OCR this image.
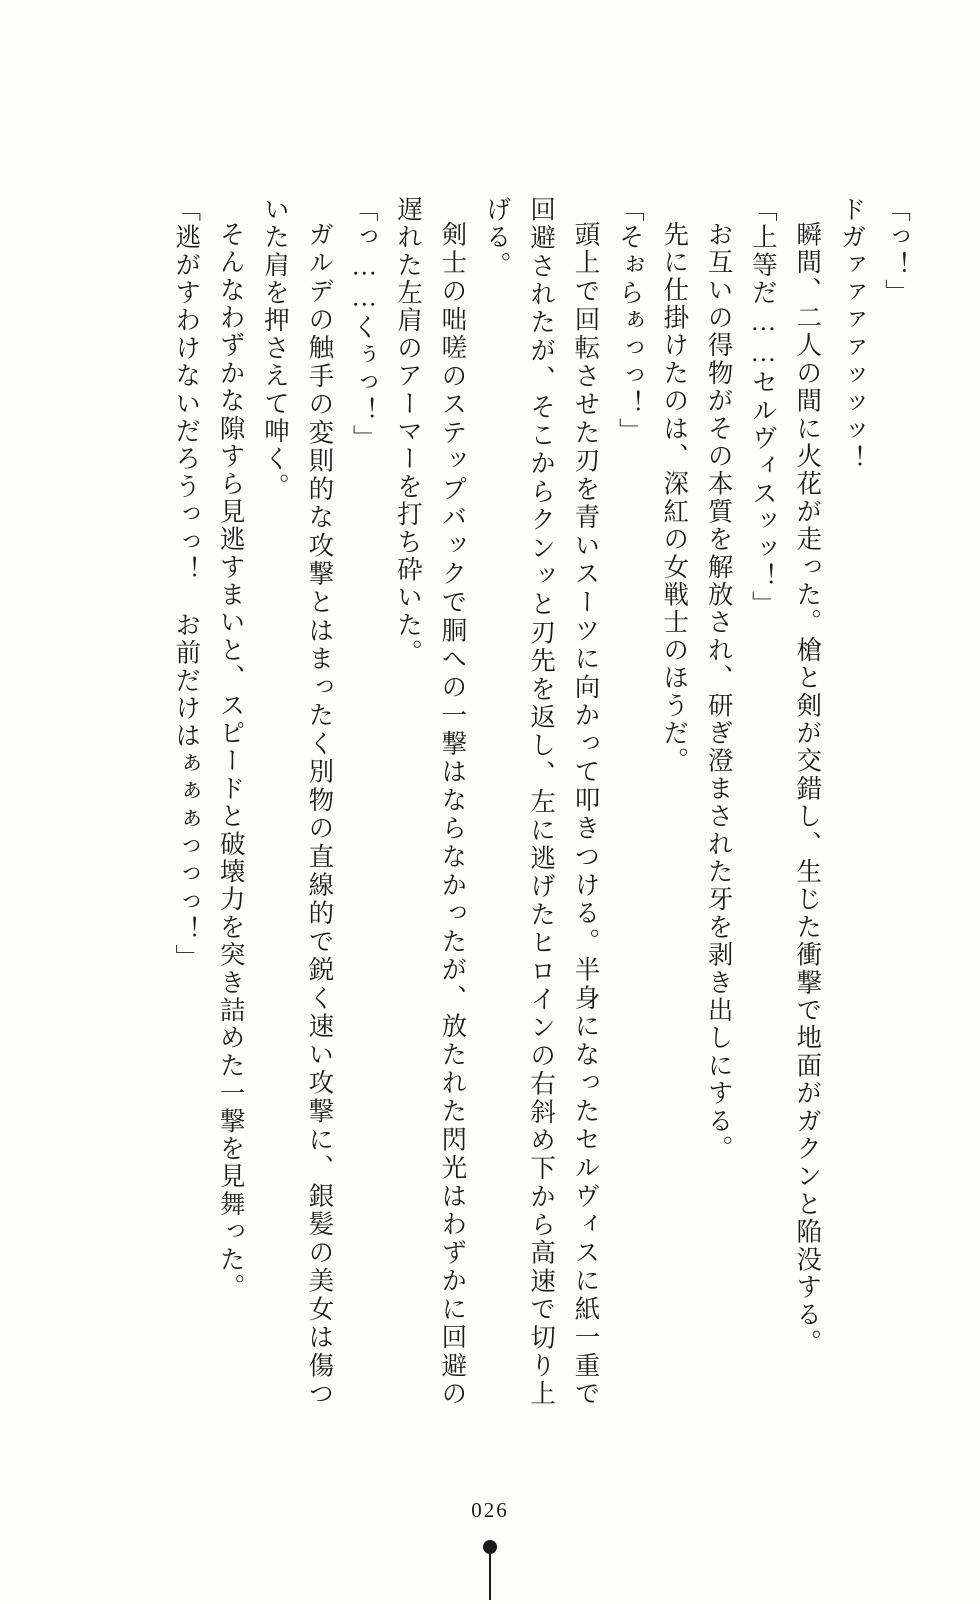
「っ！」

ドガァァァァッッッ！

瞬間、二人の間に火花が走った。槍と剣が交錯し、生じた衝撃で地面がガクンと陥没する。

「上等だ……セルヴィスッッ！」

お互いの得物がその本質を解放され、研ぎ澄まされた牙を剥き出しにする。

先に仕掛けたのは、深紅の女戦士のほうだ。

「そぉらぁっっ！」

頭上で回転させた刃を青いスーツに向かって叩きつける。半身になったセルヴィスに紙一重で回避されたが、そこからクンッと刃先を返し、左に逃げたヒロインの右斜め下から高速で切り上げる。

剣士の咄嗟のステップバックで胴への一撃はならなかったが、放たれた閃光はわずかに回避の遅れた左肩のアーマーを打ち砕いた。

「っ……くぅっ！」

ガルデの触手の変則的な攻撃とはまったく別物の直線的で鋭く速い攻撃に、銀髪の美女は傷ついた肩を押さえて呻く。

そんなわずかな隙すら見逃すまいと、スピードと破壊力を突き詰めた一撃を見舞った。

「逃がすわけないだろうっっ！　お前だけはぁぁぁっっっ！」

026
